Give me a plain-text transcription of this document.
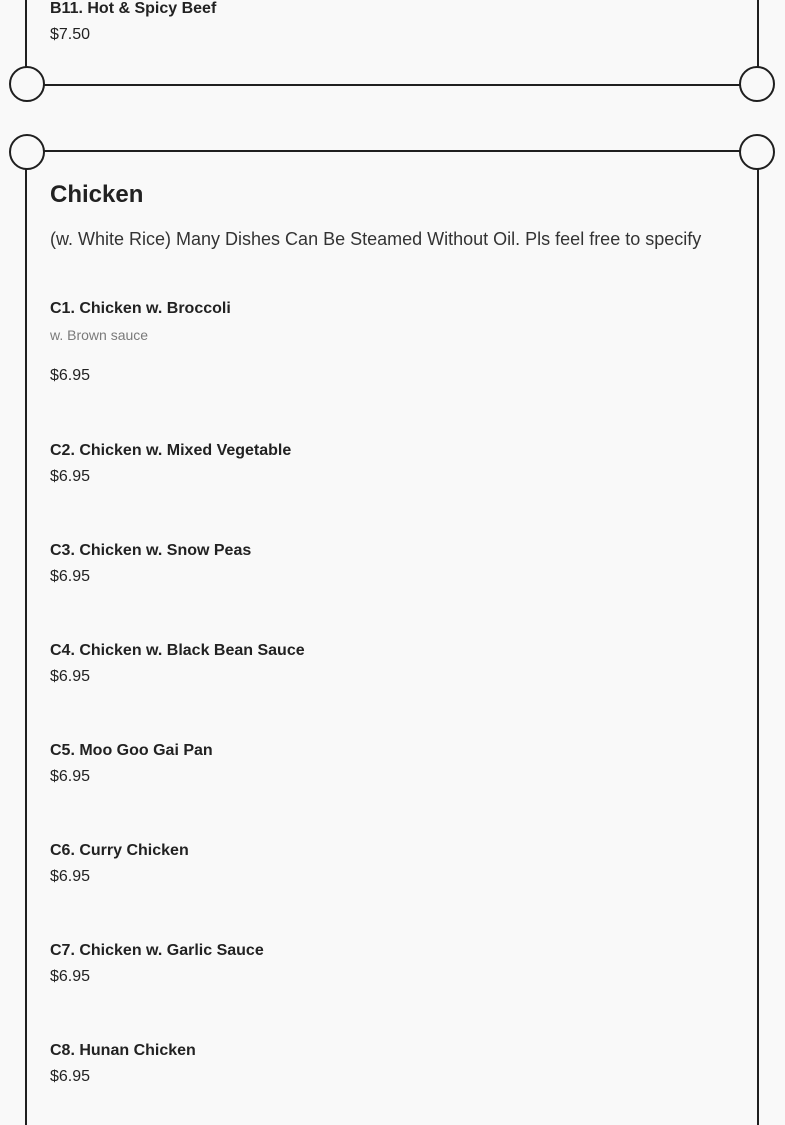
B11. Hot & Spicy Beef
$7.50
Chicken
(w. White Rice) Many Dishes Can Be Steamed Without Oil. Pls feel free to specify
C1. Chicken w. Broccoli
w. Brown sauce
$6.95
C2. Chicken w. Mixed Vegetable
$6.95
C3. Chicken w. Snow Peas
$6.95
C4. Chicken w. Black Bean Sauce
$6.95
C5. Moo Goo Gai Pan
$6.95
C6. Curry Chicken
$6.95
C7. Chicken w. Garlic Sauce
$6.95
C8. Hunan Chicken
$6.95
